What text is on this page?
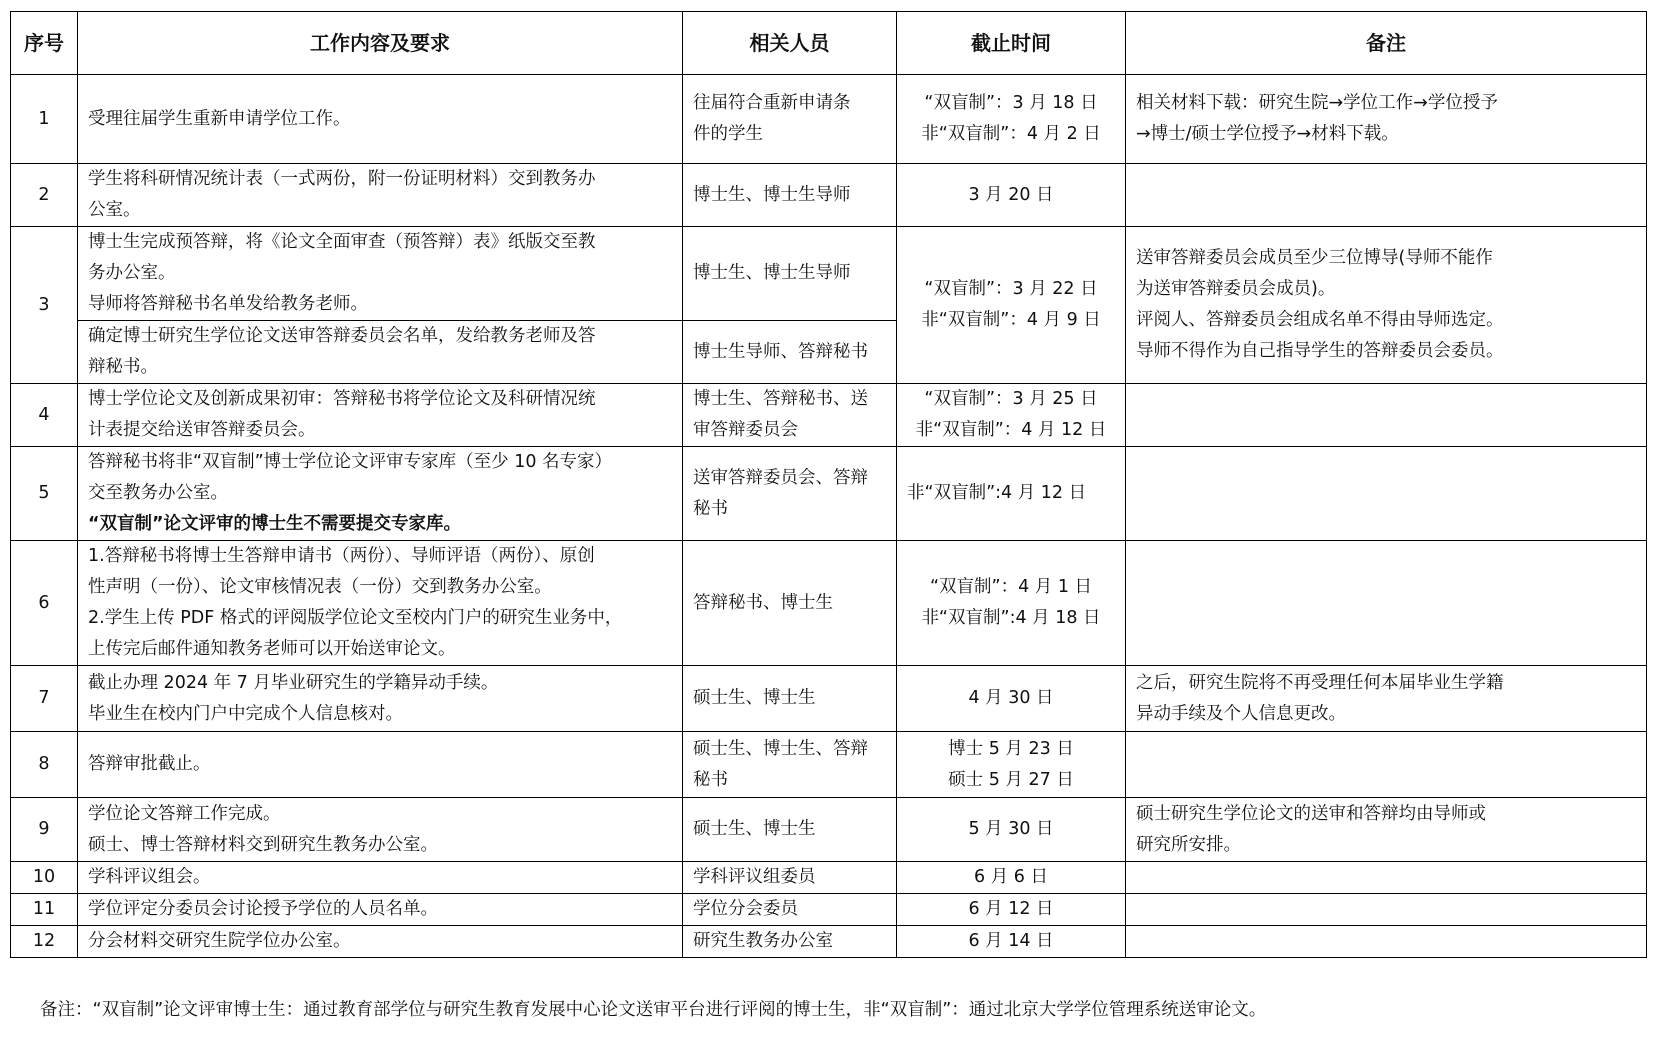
序号	工作内容及要求	相关人员	截止时间	备注
1	受理往届学生重新申请学位工作。	往届符合重新申请条
件的学生	“双盲制”：3 月 18 日
非“双盲制”：4 月 2 日	相关材料下载：研究生院→学位工作→学位授予
→博士/硕士学位授予→材料下载。

2	学生将科研情况统计表（一式两份，附一份证明材料）交到教务办
公室。	博士生、博士生导师	3 月 20 日	

3	博士生完成预答辩，将《论文全面审查（预答辩）表》纸版交至教
务办公室。
导师将答辩秘书名单发给教务老师。	博士生、博士生导师	“双盲制”：3 月 22 日
非“双盲制”：4 月 9 日	送审答辩委员会成员至少三位博导(导师不能作
为送审答辩委员会成员)。
评阅人、答辩委员会组成名单不得由导师选定。
导师不得作为自己指导学生的答辩委员会委员。

	确定博士研究生学位论文送审答辩委员会名单，发给教务老师及答
辩秘书。	博士生导师、答辩秘书		

4	博士学位论文及创新成果初审：答辩秘书将学位论文及科研情况统
计表提交给送审答辩委员会。	博士生、答辩秘书、送
审答辩委员会	“双盲制”：3 月 25 日
非“双盲制”：4 月 12 日	

5	答辩秘书将非“双盲制”博士学位论文评审专家库（至少 10 名专家）
交至教务办公室。
“双盲制”论文评审的博士生不需要提交专家库。	送审答辩委员会、答辩
秘书	非“双盲制”:4 月 12 日	

6	1.答辩秘书将博士生答辩申请书（两份）、导师评语（两份）、原创
性声明（一份）、论文审核情况表（一份）交到教务办公室。
2.学生上传 PDF 格式的评阅版学位论文至校内门户的研究生业务中，
上传完后邮件通知教务老师可以开始送审论文。	答辩秘书、博士生	“双盲制”：4 月 1 日
非“双盲制”:4 月 18 日	

7	截止办理 2024 年 7 月毕业研究生的学籍异动手续。
毕业生在校内门户中完成个人信息核对。	硕士生、博士生	4 月 30 日	之后，研究生院将不再受理任何本届毕业生学籍
异动手续及个人信息更改。

8	答辩审批截止。	硕士生、博士生、答辩
秘书	博士 5 月 23 日
硕士 5 月 27 日	

9	学位论文答辩工作完成。
硕士、博士答辩材料交到研究生教务办公室。	硕士生、博士生	5 月 30 日	硕士研究生学位论文的送审和答辩均由导师或
研究所安排。

10	学科评议组会。	学科评议组委员	6 月 6 日	

11	学位评定分委员会讨论授予学位的人员名单。	学位分会委员	6 月 12 日	

12	分会材料交研究生院学位办公室。	研究生教务办公室	6 月 14 日	

备注：“双盲制”论文评审博士生：通过教育部学位与研究生教育发展中心论文送审平台进行评阅的博士生，非“双盲制”：通过北京大学学位管理系统送审论文。
